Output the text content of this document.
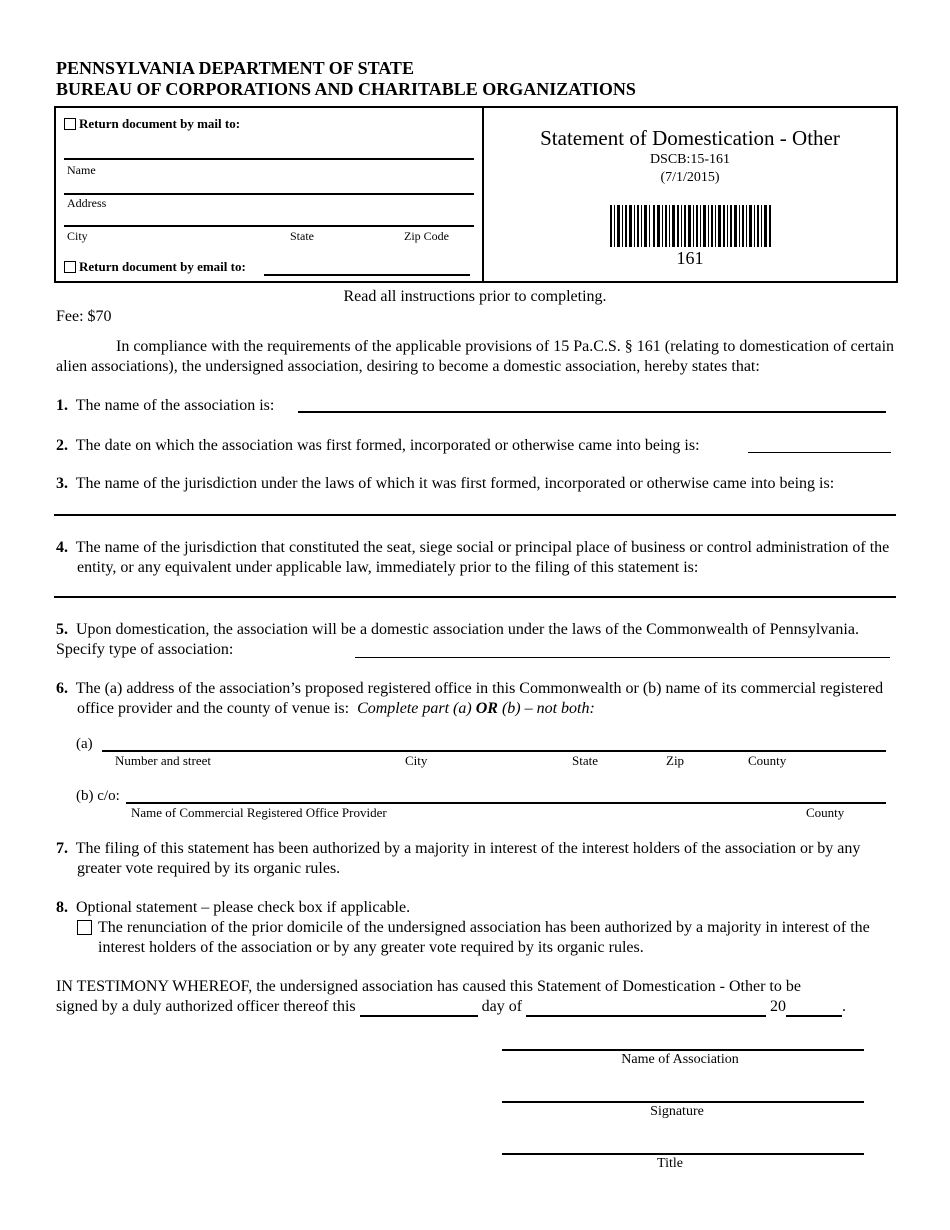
PENNSYLVANIA DEPARTMENT OF STATE
BUREAU OF CORPORATIONS AND CHARITABLE ORGANIZATIONS
Return document by mail to:
Name
Address
City	State	Zip Code
Return document by email to:
Statement of Domestication - Other
DSCB:15-161
(7/1/2015)
161
Read all instructions prior to completing.
Fee: $70
In compliance with the requirements of the applicable provisions of 15 Pa.C.S. § 161 (relating to domestication of certain alien associations), the undersigned association, desiring to become a domestic association, hereby states that:
1. The name of the association is:
2. The date on which the association was first formed, incorporated or otherwise came into being is:
3. The name of the jurisdiction under the laws of which it was first formed, incorporated or otherwise came into being is:
4. The name of the jurisdiction that constituted the seat, siege social or principal place of business or control administration of the entity, or any equivalent under applicable law, immediately prior to the filing of this statement is:
5. Upon domestication, the association will be a domestic association under the laws of the Commonwealth of Pennsylvania. Specify type of association:
6. The (a) address of the association’s proposed registered office in this Commonwealth or (b) name of its commercial registered office provider and the county of venue is: Complete part (a) OR (b) – not both:
(a)
Number and street	City	State	Zip	County
(b) c/o:
Name of Commercial Registered Office Provider	County
7. The filing of this statement has been authorized by a majority in interest of the interest holders of the association or by any greater vote required by its organic rules.
8. Optional statement – please check box if applicable.
The renunciation of the prior domicile of the undersigned association has been authorized by a majority in interest of the interest holders of the association or by any greater vote required by its organic rules.
IN TESTIMONY WHEREOF, the undersigned association has caused this Statement of Domestication - Other to be
signed by a duly authorized officer thereof this	day of	20	.
Name of Association
Signature
Title
